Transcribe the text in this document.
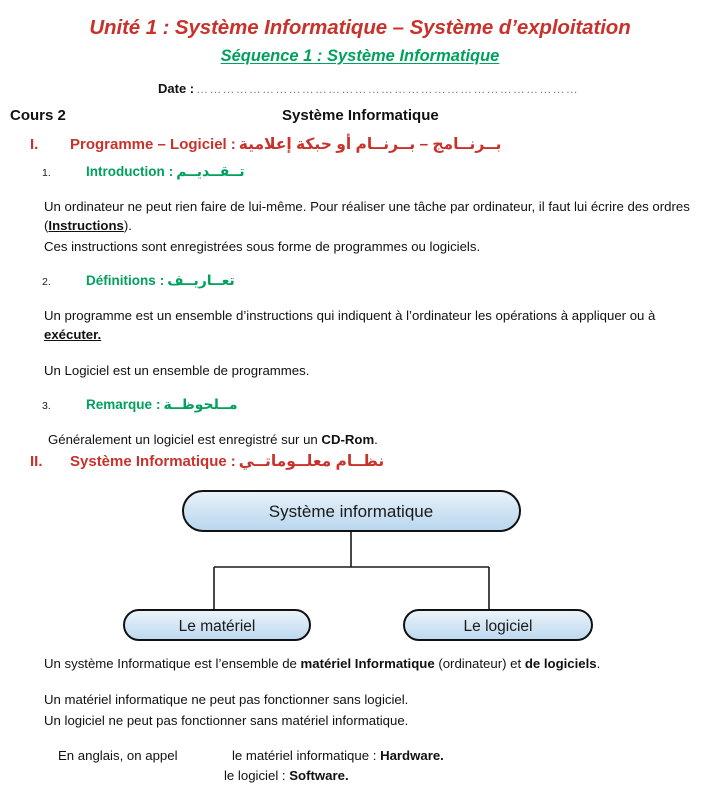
Unité 1 : Système Informatique – Système d’exploitation
Séquence 1 : Système Informatique
Date : ……………………………………………………………………………
Cours 2	Système Informatique
I.	Programme – Logiciel : بــرنــامج – بــرنــام أو حبكة إعلامية
1.	Introduction : تــقــديــم
Un ordinateur ne peut rien faire de lui-même. Pour réaliser une tâche par ordinateur, il faut lui écrire des ordres (Instructions).
Ces instructions sont enregistrées sous forme de programmes ou logiciels.
2.	Définitions : تعــاريــف
Un programme est un ensemble d’instructions qui indiquent à l’ordinateur les opérations à appliquer ou à exécuter.
Un Logiciel est un ensemble de programmes.
3.	Remarque : مــلحوظــة
Généralement un logiciel est enregistré sur un CD-Rom.
II.	Système Informatique : نظــام معلــوماتــي
Système informatique
Le matériel	Le logiciel
Un système Informatique est l’ensemble de matériel Informatique (ordinateur) et de logiciels.
Un matériel informatique ne peut pas fonctionner sans logiciel.
Un logiciel ne peut pas fonctionner sans matériel informatique.
En anglais, on appel	le matériel informatique : Hardware.
le logiciel : Software.
